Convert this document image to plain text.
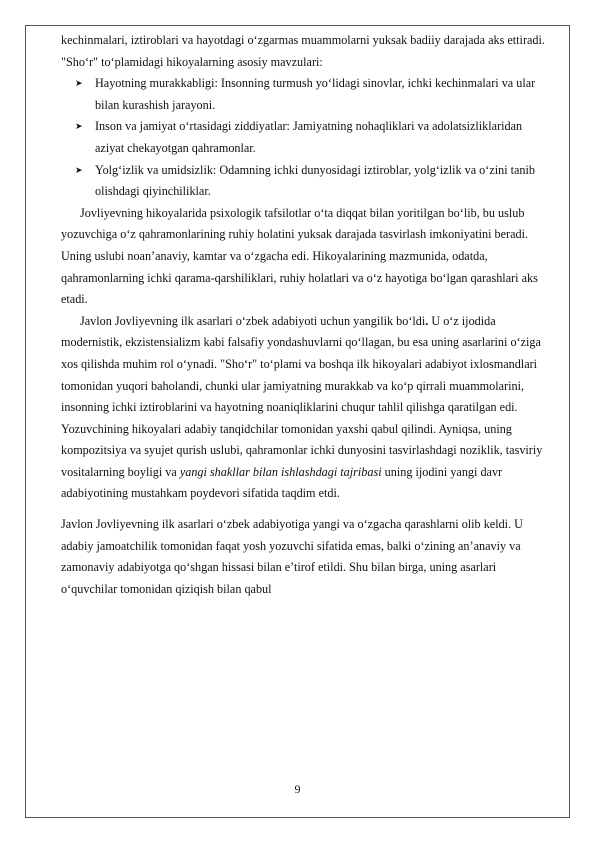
kechinmalari, iztiroblari va hayotdagi o‘zgarmas muammolarni yuksak badiiy darajada aks ettiradi.

"Sho‘r" to‘plamidagi hikoyalarning asosiy mavzulari:

➤ Hayotning murakkabligi: Insonning turmush yo‘lidagi sinovlar, ichki kechinmalari va ular bilan kurashish jarayoni.
➤ Inson va jamiyat o‘rtasidagi ziddiyatlar: Jamiyatning nohaqliklari va adolatsizliklaridan aziyat chekayotgan qahramonlar.
➤ Yolg‘izlik va umidsizlik: Odamning ichki dunyosidagi iztiroblar, yolg‘izlik va o‘zini tanib olishdagi qiyinchiliklar.

Jovliyevning hikoyalarida psixologik tafsilotlar o‘ta diqqat bilan yoritilgan bo‘lib, bu uslub yozuvchiga o‘z qahramonlarining ruhiy holatini yuksak darajada tasvirlash imkoniyatini beradi. Uning uslubi noan’anaviy, kamtar va o‘zgacha edi. Hikoyalarining mazmunida, odatda, qahramonlarning ichki qarama-qarshiliklari, ruhiy holatlari va o‘z hayotiga bo‘lgan qarashlari aks etadi.

Javlon Jovliyevning ilk asarlari o‘zbek adabiyoti uchun yangilik bo‘ldi. U o‘z ijodida modernistik, ekzistensializm kabi falsafiy yondashuvlarni qo‘llagan, bu esa uning asarlarini o‘ziga xos qilishda muhim rol o‘ynadi. "Sho‘r" to‘plami va boshqa ilk hikoyalari adabiyot ixlosmandlari tomonidan yuqori baholandi, chunki ular jamiyatning murakkab va ko‘p qirrali muammolarini, insonning ichki iztiroblarini va hayotning noaniqliklarini chuqur tahlil qilishga qaratilgan edi. Yozuvchining hikoyalari adabiy tanqidchilar tomonidan yaxshi qabul qilindi. Ayniqsa, uning kompozitsiya va syujet qurish uslubi, qahramonlar ichki dunyosini tasvirlashdagi noziklik, tasviriy vositalarning boyligi va yangi shakllar bilan ishlashdagi tajribasi uning ijodini yangi davr adabiyotining mustahkam poydevori sifatida taqdim etdi.

Javlon Jovliyevning ilk asarlari o‘zbek adabiyotiga yangi va o‘zgacha qarashlarni olib keldi. U adabiy jamoatchilik tomonidan faqat yosh yozuvchi sifatida emas, balki o‘zining an’anaviy va zamonaviy adabiyotga qo‘shgan hissasi bilan e’tirof etildi. Shu bilan birga, uning asarlari o‘quvchilar tomonidan qiziqish bilan qabul

9
